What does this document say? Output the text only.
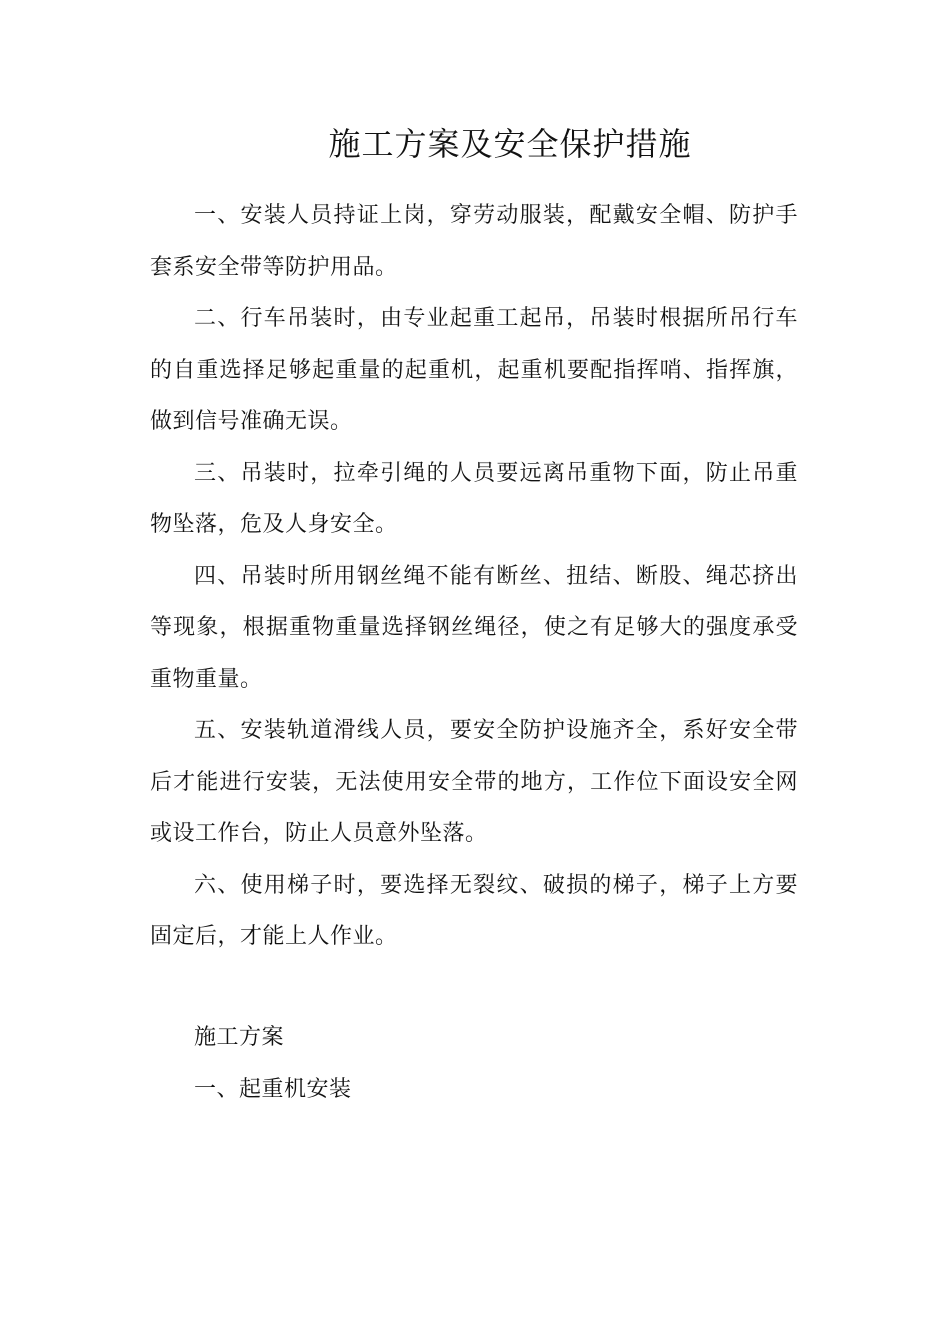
施工方案及安全保护措施

一、安装人员持证上岗，穿劳动服装，配戴安全帽、防护手套系安全带等防护用品。

二、行车吊装时，由专业起重工起吊，吊装时根据所吊行车的自重选择足够起重量的起重机，起重机要配指挥哨、指挥旗，做到信号准确无误。

三、吊装时，拉牵引绳的人员要远离吊重物下面，防止吊重物坠落，危及人身安全。

四、吊装时所用钢丝绳不能有断丝、扭结、断股、绳芯挤出等现象，根据重物重量选择钢丝绳径，使之有足够大的强度承受重物重量。

五、安装轨道滑线人员，要安全防护设施齐全，系好安全带后才能进行安装，无法使用安全带的地方，工作位下面设安全网或设工作台，防止人员意外坠落。

六、使用梯子时，要选择无裂纹、破损的梯子，梯子上方要固定后，才能上人作业。

施工方案

一、起重机安装
